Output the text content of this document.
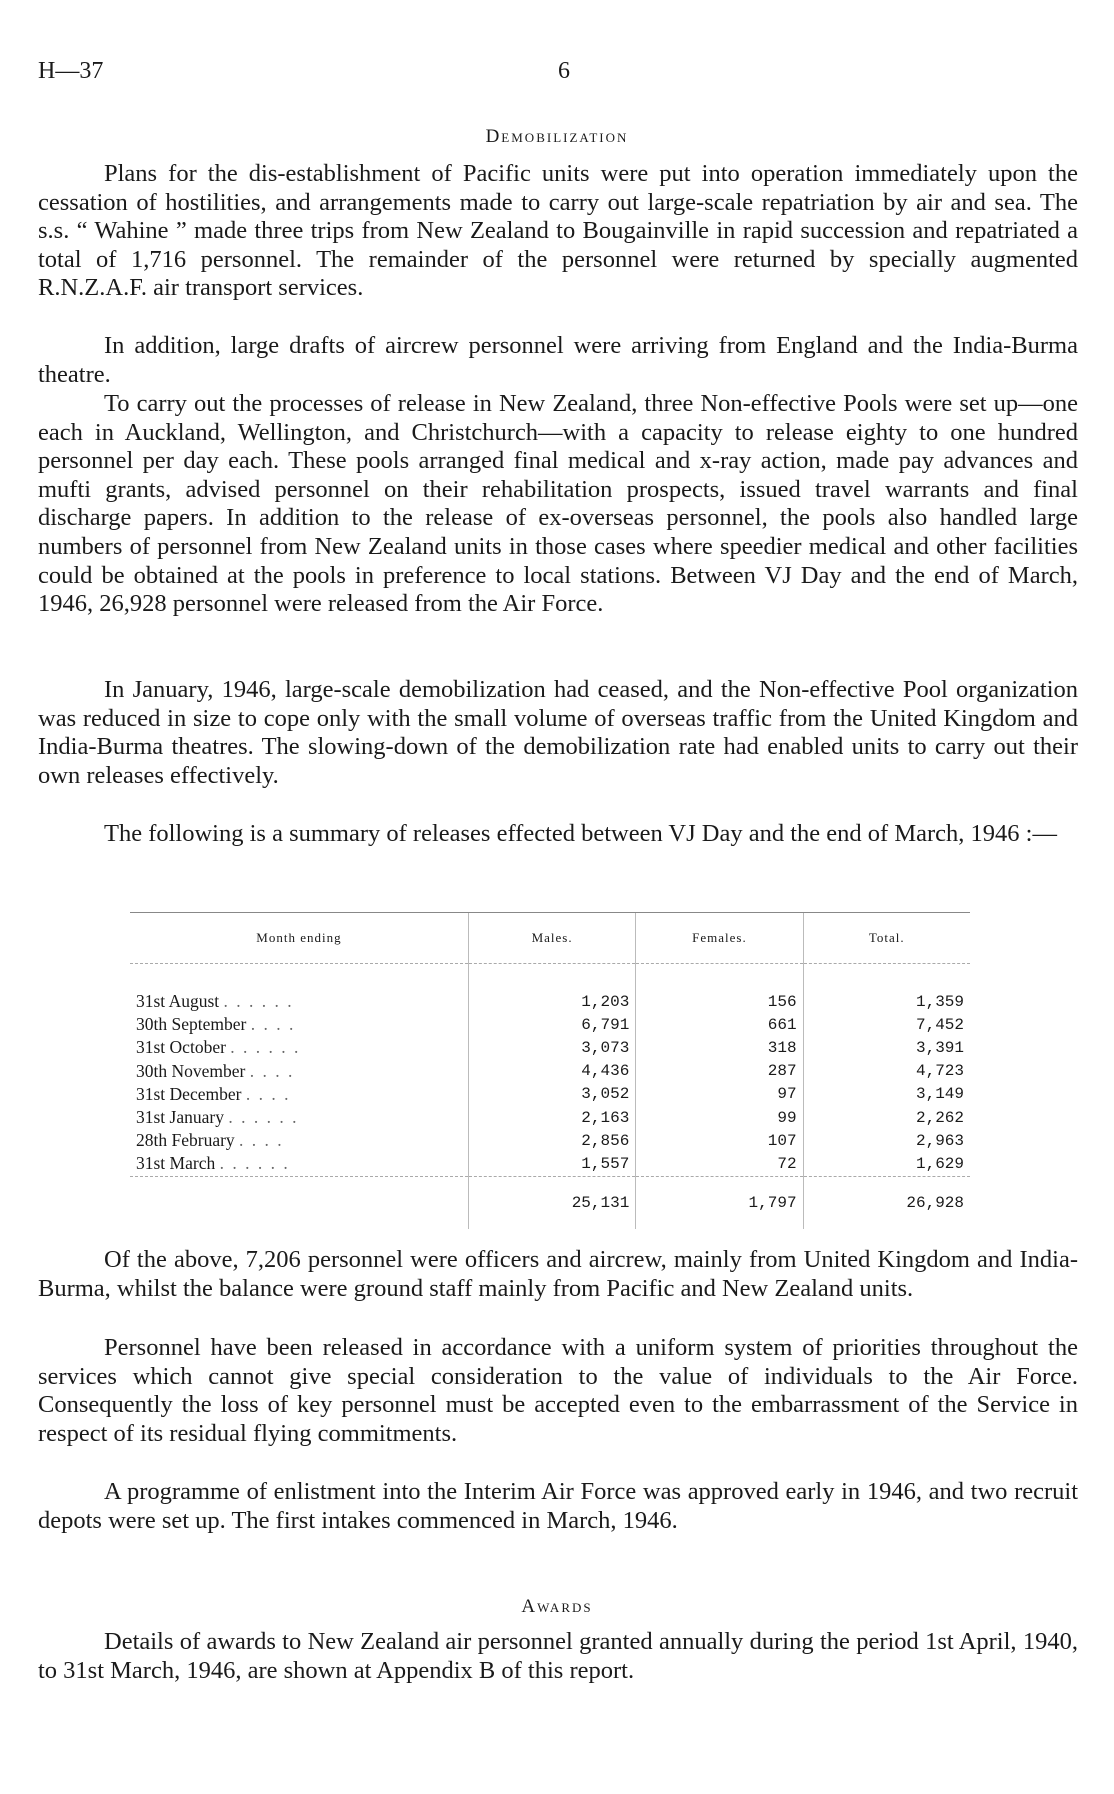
H—37	6
Demobilization

Plans for the dis-establishment of Pacific units were put into operation immediately upon the cessation of hostilities, and arrangements made to carry out large-scale repatriation by air and sea. The s.s. “ Wahine ” made three trips from New Zealand to Bougainville in rapid succession and repatriated a total of 1,716 personnel. The remainder of the personnel were returned by specially augmented R.N.Z.A.F. air transport services.

In addition, large drafts of aircrew personnel were arriving from England and the India-Burma theatre.

To carry out the processes of release in New Zealand, three Non-effective Pools were set up—one each in Auckland, Wellington, and Christchurch—with a capacity to release eighty to one hundred personnel per day each. These pools arranged final medical and x-ray action, made pay advances and mufti grants, advised personnel on their rehabilitation prospects, issued travel warrants and final discharge papers. In addition to the release of ex-overseas personnel, the pools also handled large numbers of personnel from New Zealand units in those cases where speedier medical and other facilities could be obtained at the pools in preference to local stations. Between VJ Day and the end of March, 1946, 26,928 personnel were released from the Air Force.

In January, 1946, large-scale demobilization had ceased, and the Non-effective Pool organization was reduced in size to cope only with the small volume of overseas traffic from the United Kingdom and India-Burma theatres. The slowing-down of the demobilization rate had enabled units to carry out their own releases effectively.

The following is a summary of releases effected between VJ Day and the end of March, 1946 :—

Month ending	Males.	Females.	Total.

31st August . . . . . .	1,203	156	1,359
30th September . . . .	6,791	661	7,452
31st October . . . . . .	3,073	318	3,391
30th November . . . .	4,436	287	4,723
31st December . . . .	3,052	97	3,149
31st January . . . . . .	2,163	99	2,262
28th February . . . .	2,856	107	2,963
31st March . . . . . .	1,557	72	1,629
	25,131	1,797	26,928

Of the above, 7,206 personnel were officers and aircrew, mainly from United Kingdom and India-Burma, whilst the balance were ground staff mainly from Pacific and New Zealand units.

Personnel have been released in accordance with a uniform system of priorities throughout the services which cannot give special consideration to the value of individuals to the Air Force. Consequently the loss of key personnel must be accepted even to the embarrassment of the Service in respect of its residual flying commitments.

A programme of enlistment into the Interim Air Force was approved early in 1946, and two recruit depots were set up. The first intakes commenced in March, 1946.

Awards

Details of awards to New Zealand air personnel granted annually during the period 1st April, 1940, to 31st March, 1946, are shown at Appendix B of this report.
